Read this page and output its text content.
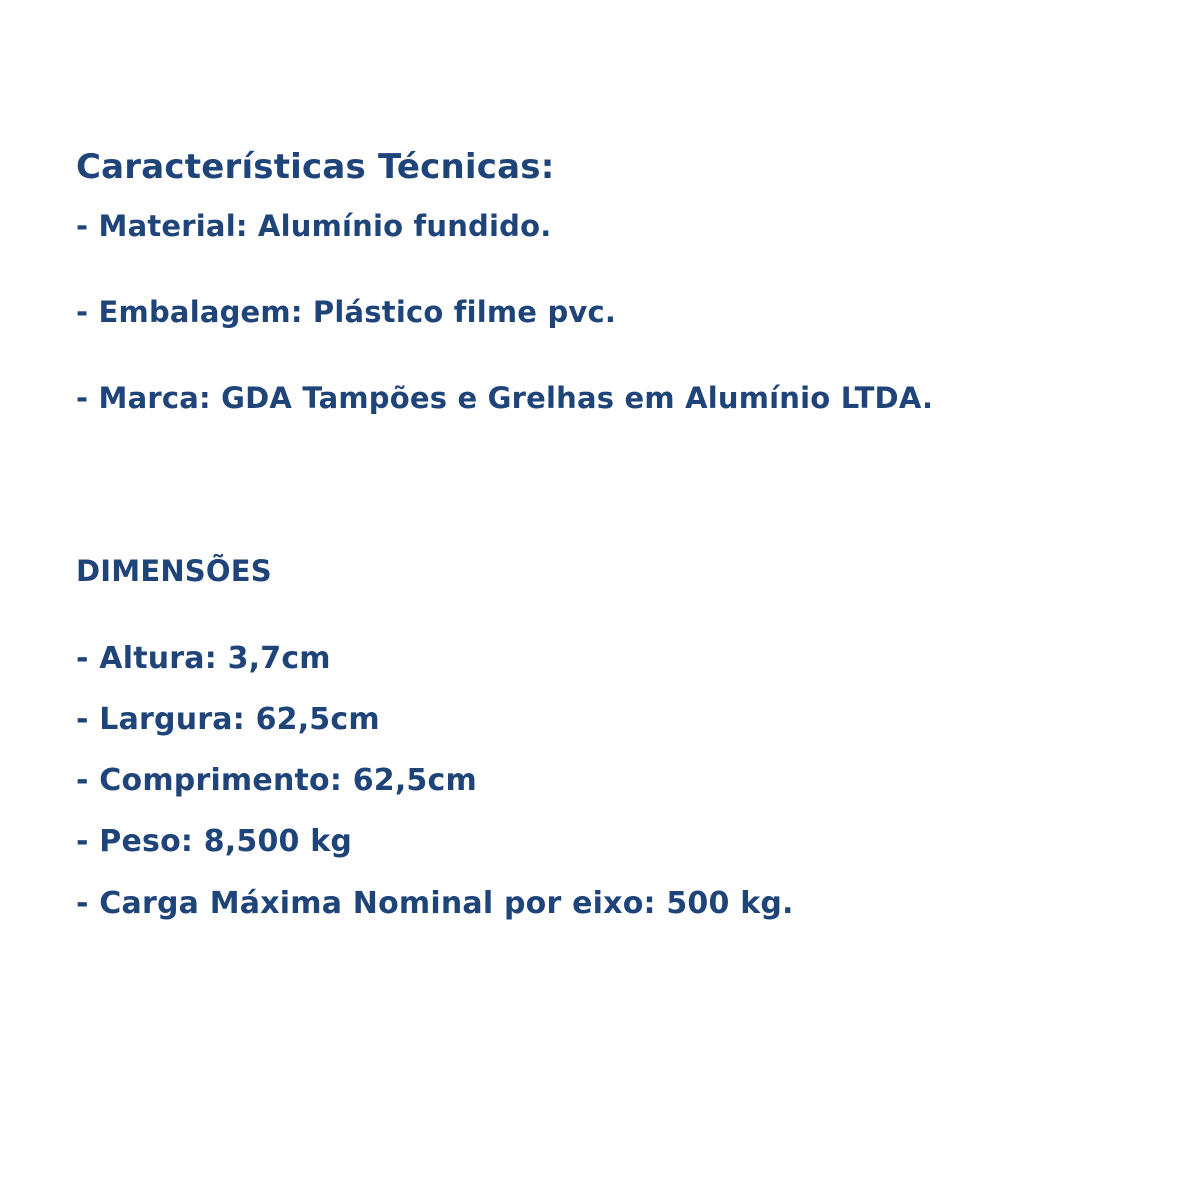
Características Técnicas:
- Material: Alumínio fundido.
- Embalagem: Plástico filme pvc.
- Marca: GDA Tampões e Grelhas em Alumínio LTDA.
DIMENSÕES
- Altura: 3,7cm
- Largura: 62,5cm
- Comprimento: 62,5cm
- Peso: 8,500 kg
- Carga Máxima Nominal por eixo: 500 kg.
